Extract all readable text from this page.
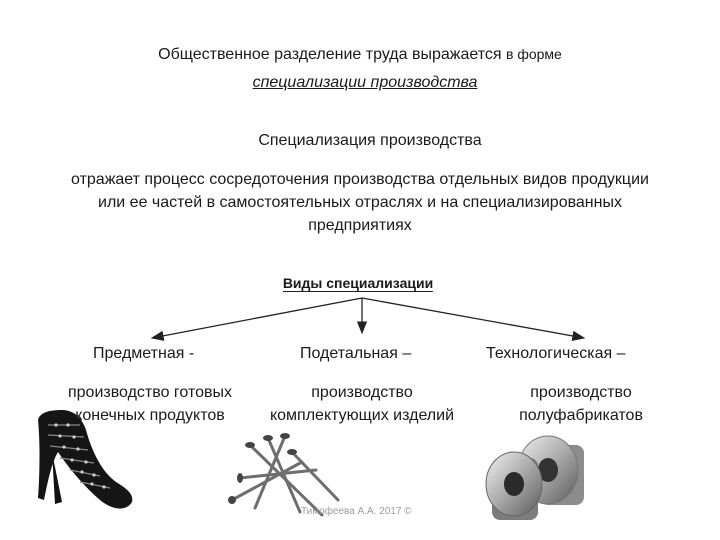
Общественное разделение труда выражается в форме
специализации производства
Специализация производства
отражает процесс сосредоточения производства отдельных видов продукции или ее частей в самостоятельных отраслях и на специализированных предприятиях
Виды специализации
Предметная -	Подетальная –	Технологическая –
производство готовых конечных продуктов
производство комплектующих изделий
производство полуфабрикатов
Тимофеева А.А. 2017 ©
